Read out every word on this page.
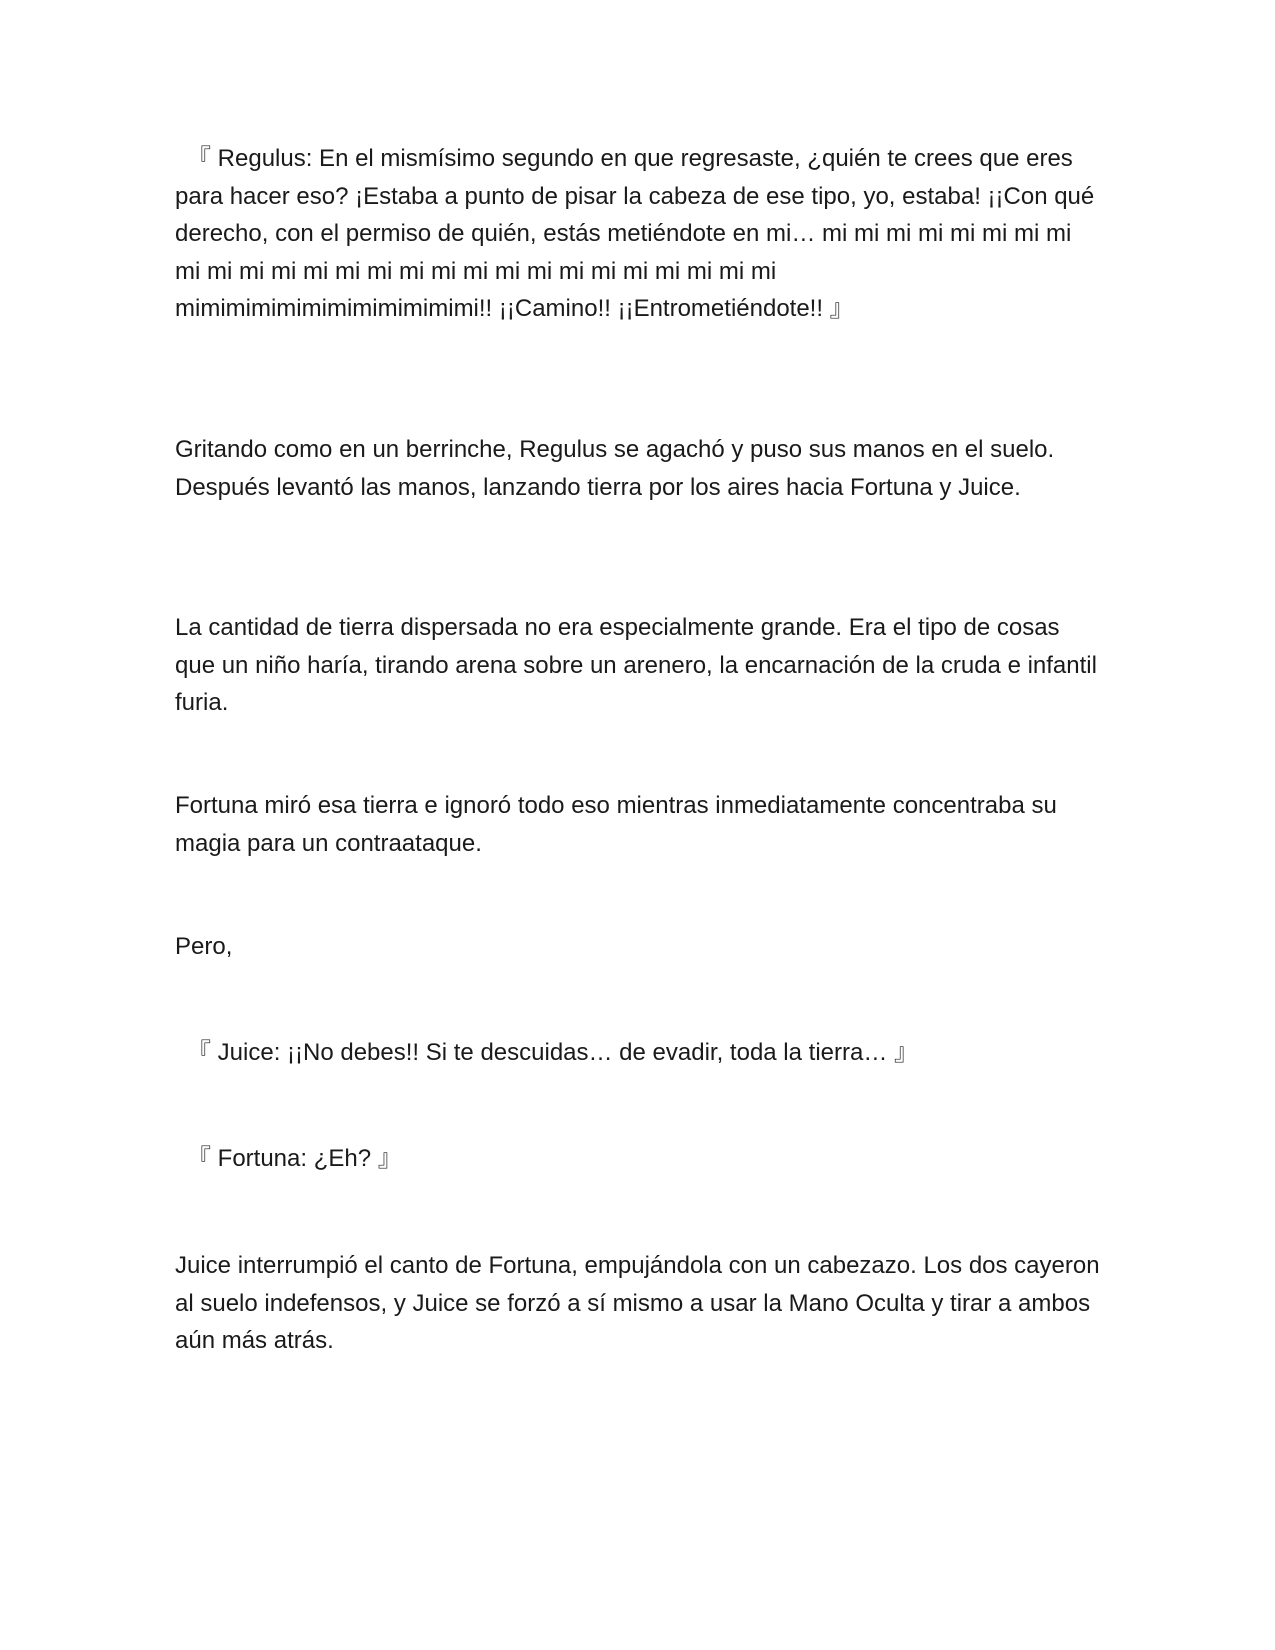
　『 Regulus: En el mismísimo segundo en que regresaste, ¿quién te crees que eres para hacer eso? ¡Estaba a punto de pisar la cabeza de ese tipo, yo, estaba! ¡¡Con qué derecho, con el permiso de quién, estás metiéndote en mi… mi mi mi mi mi mi mi mi mi mi mi mi mi mi mi mi mi mi mi mi mi mi mi mi mi mi mi mimimimimimimimimimimimi!! ¡¡Camino!! ¡¡Entrometiéndote!! 』

Gritando como en un berrinche, Regulus se agachó y puso sus manos en el suelo. Después levantó las manos, lanzando tierra por los aires hacia Fortuna y Juice.

La cantidad de tierra dispersada no era especialmente grande. Era el tipo de cosas que un niño haría, tirando arena sobre un arenero, la encarnación de la cruda e infantil furia.

Fortuna miró esa tierra e ignoró todo eso mientras inmediatamente concentraba su magia para un contraataque.

Pero,

　『 Juice: ¡¡No debes!! Si te descuidas… de evadir, toda la tierra… 』

　『 Fortuna: ¿Eh? 』

Juice interrumpió el canto de Fortuna, empujándola con un cabezazo. Los dos cayeron al suelo indefensos, y Juice se forzó a sí mismo a usar la Mano Oculta y tirar a ambos aún más atrás.
